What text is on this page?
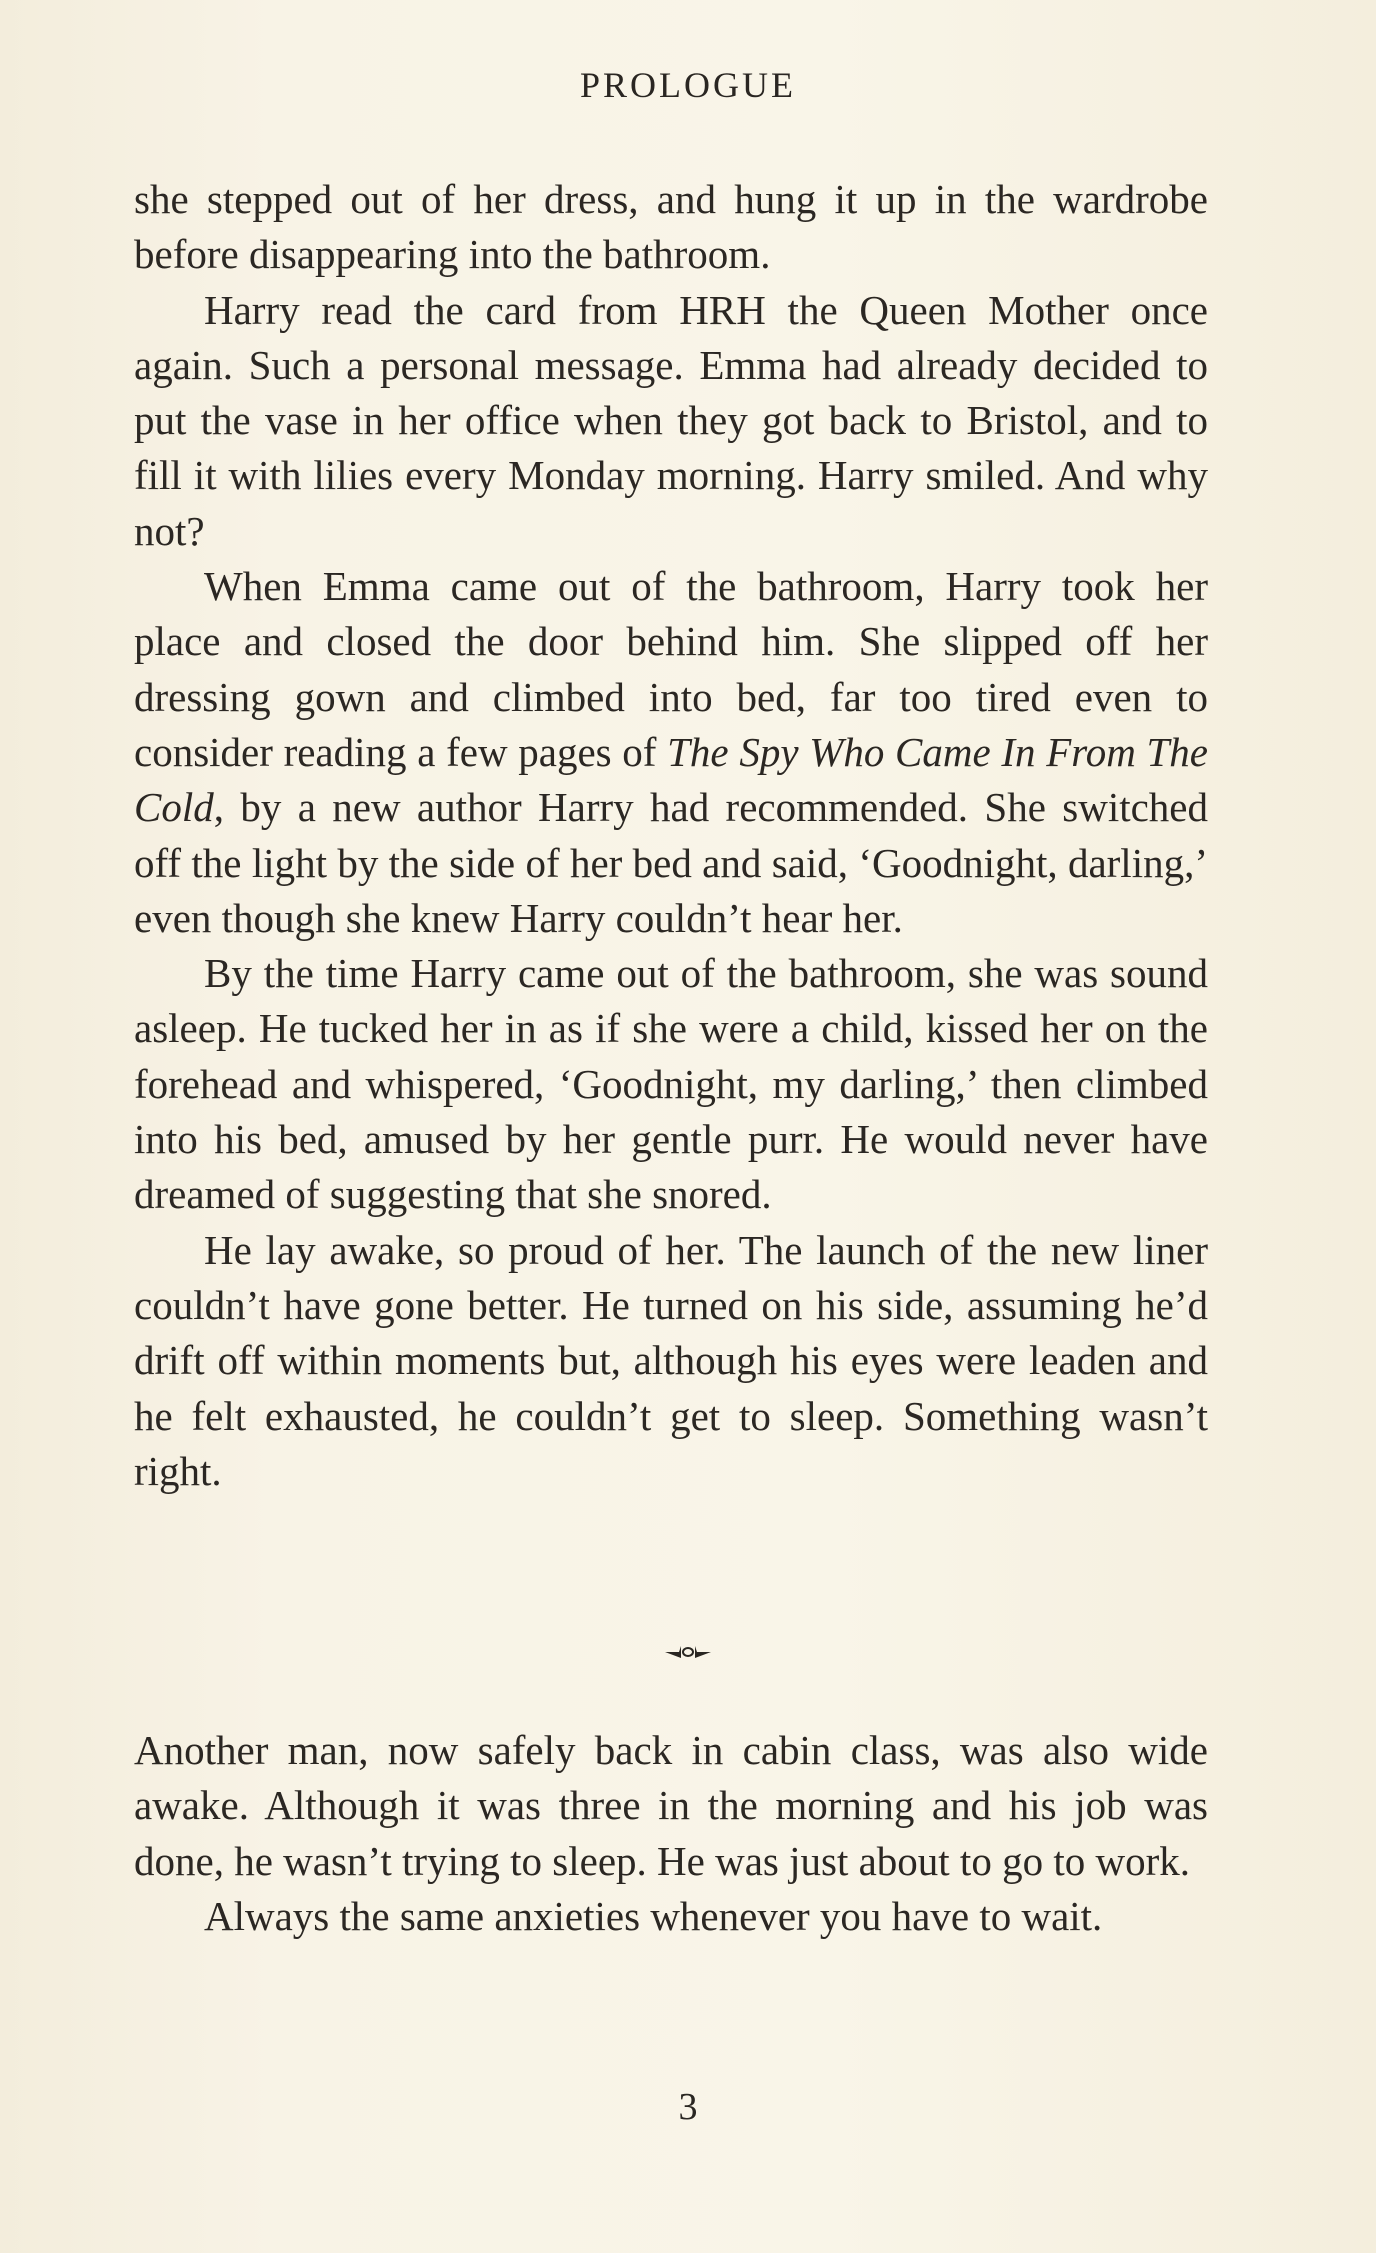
PROLOGUE

she stepped out of her dress, and hung it up in the wardrobe before disappearing into the bathroom.

Harry read the card from HRH the Queen Mother once again. Such a personal message. Emma had already decided to put the vase in her office when they got back to Bristol, and to fill it with lilies every Monday morning. Harry smiled. And why not?

When Emma came out of the bathroom, Harry took her place and closed the door behind him. She slipped off her dressing gown and climbed into bed, far too tired even to consider reading a few pages of The Spy Who Came In From The Cold, by a new author Harry had recommended. She switched off the light by the side of her bed and said, ‘Goodnight, darling,’ even though she knew Harry couldn’t hear her.

By the time Harry came out of the bathroom, she was sound asleep. He tucked her in as if she were a child, kissed her on the forehead and whispered, ‘Goodnight, my darling,’ then climbed into his bed, amused by her gentle purr. He would never have dreamed of suggesting that she snored.

He lay awake, so proud of her. The launch of the new liner couldn’t have gone better. He turned on his side, assuming he’d drift off within moments but, although his eyes were leaden and he felt exhausted, he couldn’t get to sleep. Something wasn’t right.

Another man, now safely back in cabin class, was also wide awake. Although it was three in the morning and his job was done, he wasn’t trying to sleep. He was just about to go to work.

Always the same anxieties whenever you have to wait.

3
